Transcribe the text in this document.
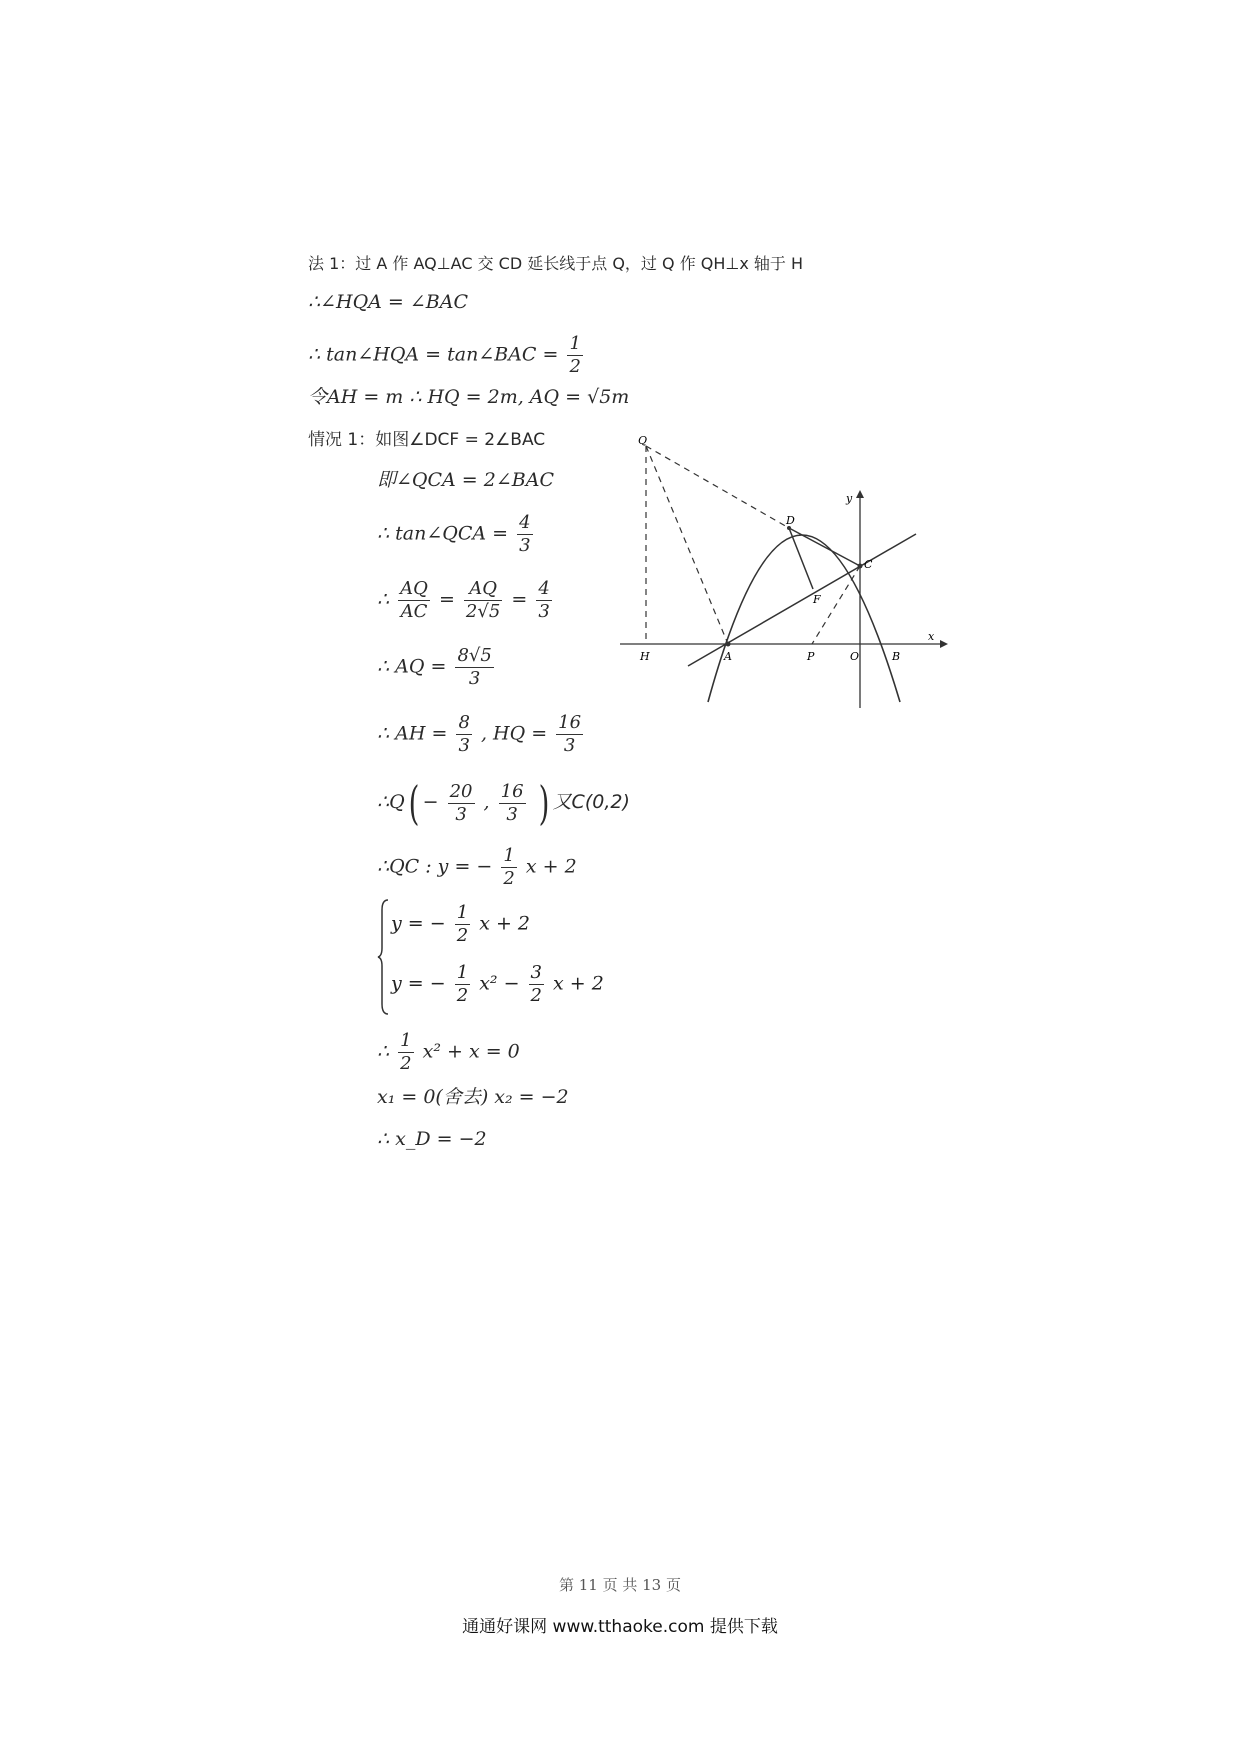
法 1：过 A 作 AQ⊥AC 交 CD 延长线于点 Q，过 Q 作 QH⊥x 轴于 H
∴∠HQA = ∠BAC
∴ tan∠HQA = tan∠BAC = $\frac{1}{2}$
令AH = m ∴ HQ = 2m, AQ = √5m
情况 1：如图∠DCF = 2∠BAC
即∠QCA = 2∠BAC
∴ tan∠QCA = $\frac{4}{3}$
∴ $\frac{AQ}{AC} = \frac{AQ}{2√5} = \frac{4}{3}$
∴ AQ = $\frac{8√5}{3}$
∴ AH = $\frac{8}{3}$ , HQ = $\frac{16}{3}$
∴Q( − $\frac{20}{3}$ , $\frac{16}{3}$ ) 又C(0,2)
∴QC : y = − $\frac{1}{2}$ x + 2
y = − $\frac{1}{2}$ x + 2
y = − $\frac{1}{2} x^2 - \frac{3}{2}$ x + 2
∴ $\frac{1}{2} x^2 + x = 0$
x₁ = 0(舍去) x₂ = −2
∴ x_D = −2
Q
D
y
C
F
H	A	P	O	B
x
第 11 页 共 13 页
通通好课网 www.tthaoke.com 提供下载
